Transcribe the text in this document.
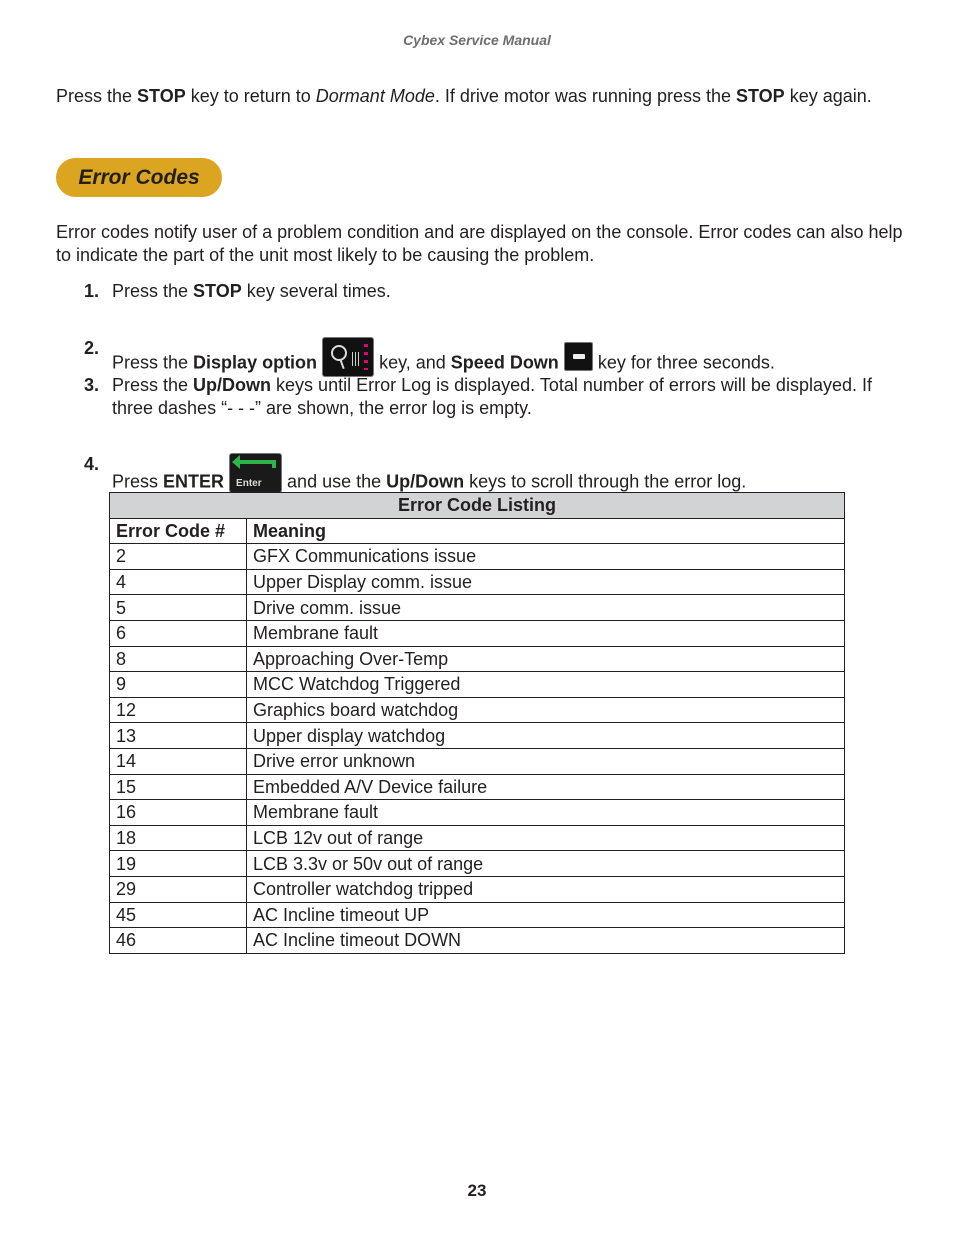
Cybex Service Manual
Press the STOP key to return to Dormant Mode. If drive motor was running press the STOP key again.
Error Codes
Error codes notify user of a problem condition and are displayed on the console. Error codes can also help to indicate the part of the unit most likely to be causing the problem.
1. Press the STOP key several times.
2.
Press the Display option	key, and Speed Down  key for three seconds.
3. Press the Up/Down keys until Error Log is displayed. Total number of errors will be displayed. If three dashes “- - -” are shown, the error log is empty.
4.
Press ENTER Enter and use the Up/Down keys to scroll through the error log.
Error Code Listing	
Error Code #	Meaning
2	GFX Communications issue
4	Upper Display comm. issue
5	Drive comm. issue
6	Membrane fault
8	Approaching Over-Temp
9	MCC Watchdog Triggered
12	Graphics board watchdog
13	Upper display watchdog
14	Drive error unknown
15	Embedded A/V Device failure
16	Membrane fault
18	LCB 12v out of range
19	LCB 3.3v or 50v out of range
29	Controller watchdog tripped
45	AC Incline timeout UP
46	AC Incline timeout DOWN
23
